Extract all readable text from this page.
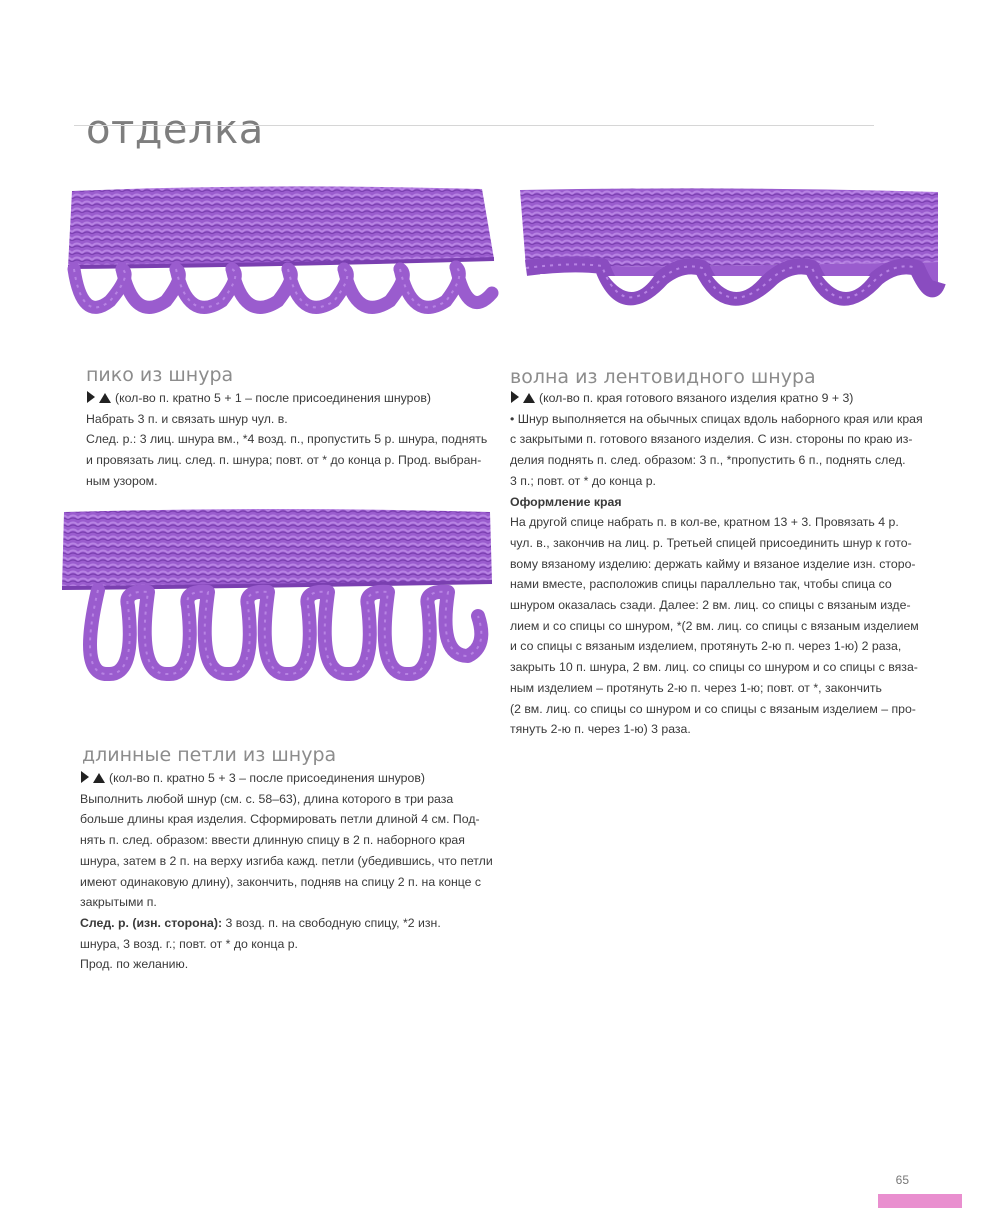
отделка
пико из шнура
(кол-во п. кратно 5 + 1 – после присоединения шнуров)
Набрать 3 п. и связать шнур чул. в.
След. р.: 3 лиц. шнура вм., *4 возд. п., пропустить 5 р. шнура, поднять
и провязать лиц. след. п. шнура; повт. от * до конца р. Прод. выбран-
ным узором.
длинные петли из шнура
(кол-во п. кратно 5 + 3 – после присоединения шнуров)
Выполнить любой шнур (см. с. 58–63), длина которого в три раза
больше длины края изделия. Сформировать петли длиной 4 см. Под-
нять п. след. образом: ввести длинную спицу в 2 п. наборного края
шнура, затем в 2 п. на верху изгиба кажд. петли (убедившись, что петли
имеют одинаковую длину), закончить, подняв на спицу 2 п. на конце с
закрытыми п.
След. р. (изн. сторона): 3 возд. п. на свободную спицу, *2 изн.
шнура, 3 возд. г.; повт. от * до конца р.
Прод. по желанию.
волна из лентовидного шнура
(кол-во п. края готового вязаного изделия кратно 9 + 3)
• Шнур выполняется на обычных спицах вдоль наборного края или края
с закрытыми п. готового вязаного изделия. С изн. стороны по краю из-
делия поднять п. след. образом: 3 п., *пропустить 6 п., поднять след.
3 п.; повт. от * до конца р.
Оформление края
На другой спице набрать п. в кол-ве, кратном 13 + 3. Провязать 4 р.
чул. в., закончив на лиц. р. Третьей спицей присоединить шнур к гото-
вому вязаному изделию: держать кайму и вязаное изделие изн. сторо-
нами вместе, расположив спицы параллельно так, чтобы спица со
шнуром оказалась сзади. Далее: 2 вм. лиц. со спицы с вязаным изде-
лием и со спицы со шнуром, *(2 вм. лиц. со спицы с вязаным изделием
и со спицы с вязаным изделием, протянуть 2-ю п. через 1-ю) 2 раза,
закрыть 10 п. шнура, 2 вм. лиц. со спицы со шнуром и со спицы с вяза-
ным изделием – протянуть 2-ю п. через 1-ю; повт. от *, закончить
(2 вм. лиц. со спицы со шнуром и со спицы с вязаным изделием – про-
тянуть 2-ю п. через 1-ю) 3 раза.
65
